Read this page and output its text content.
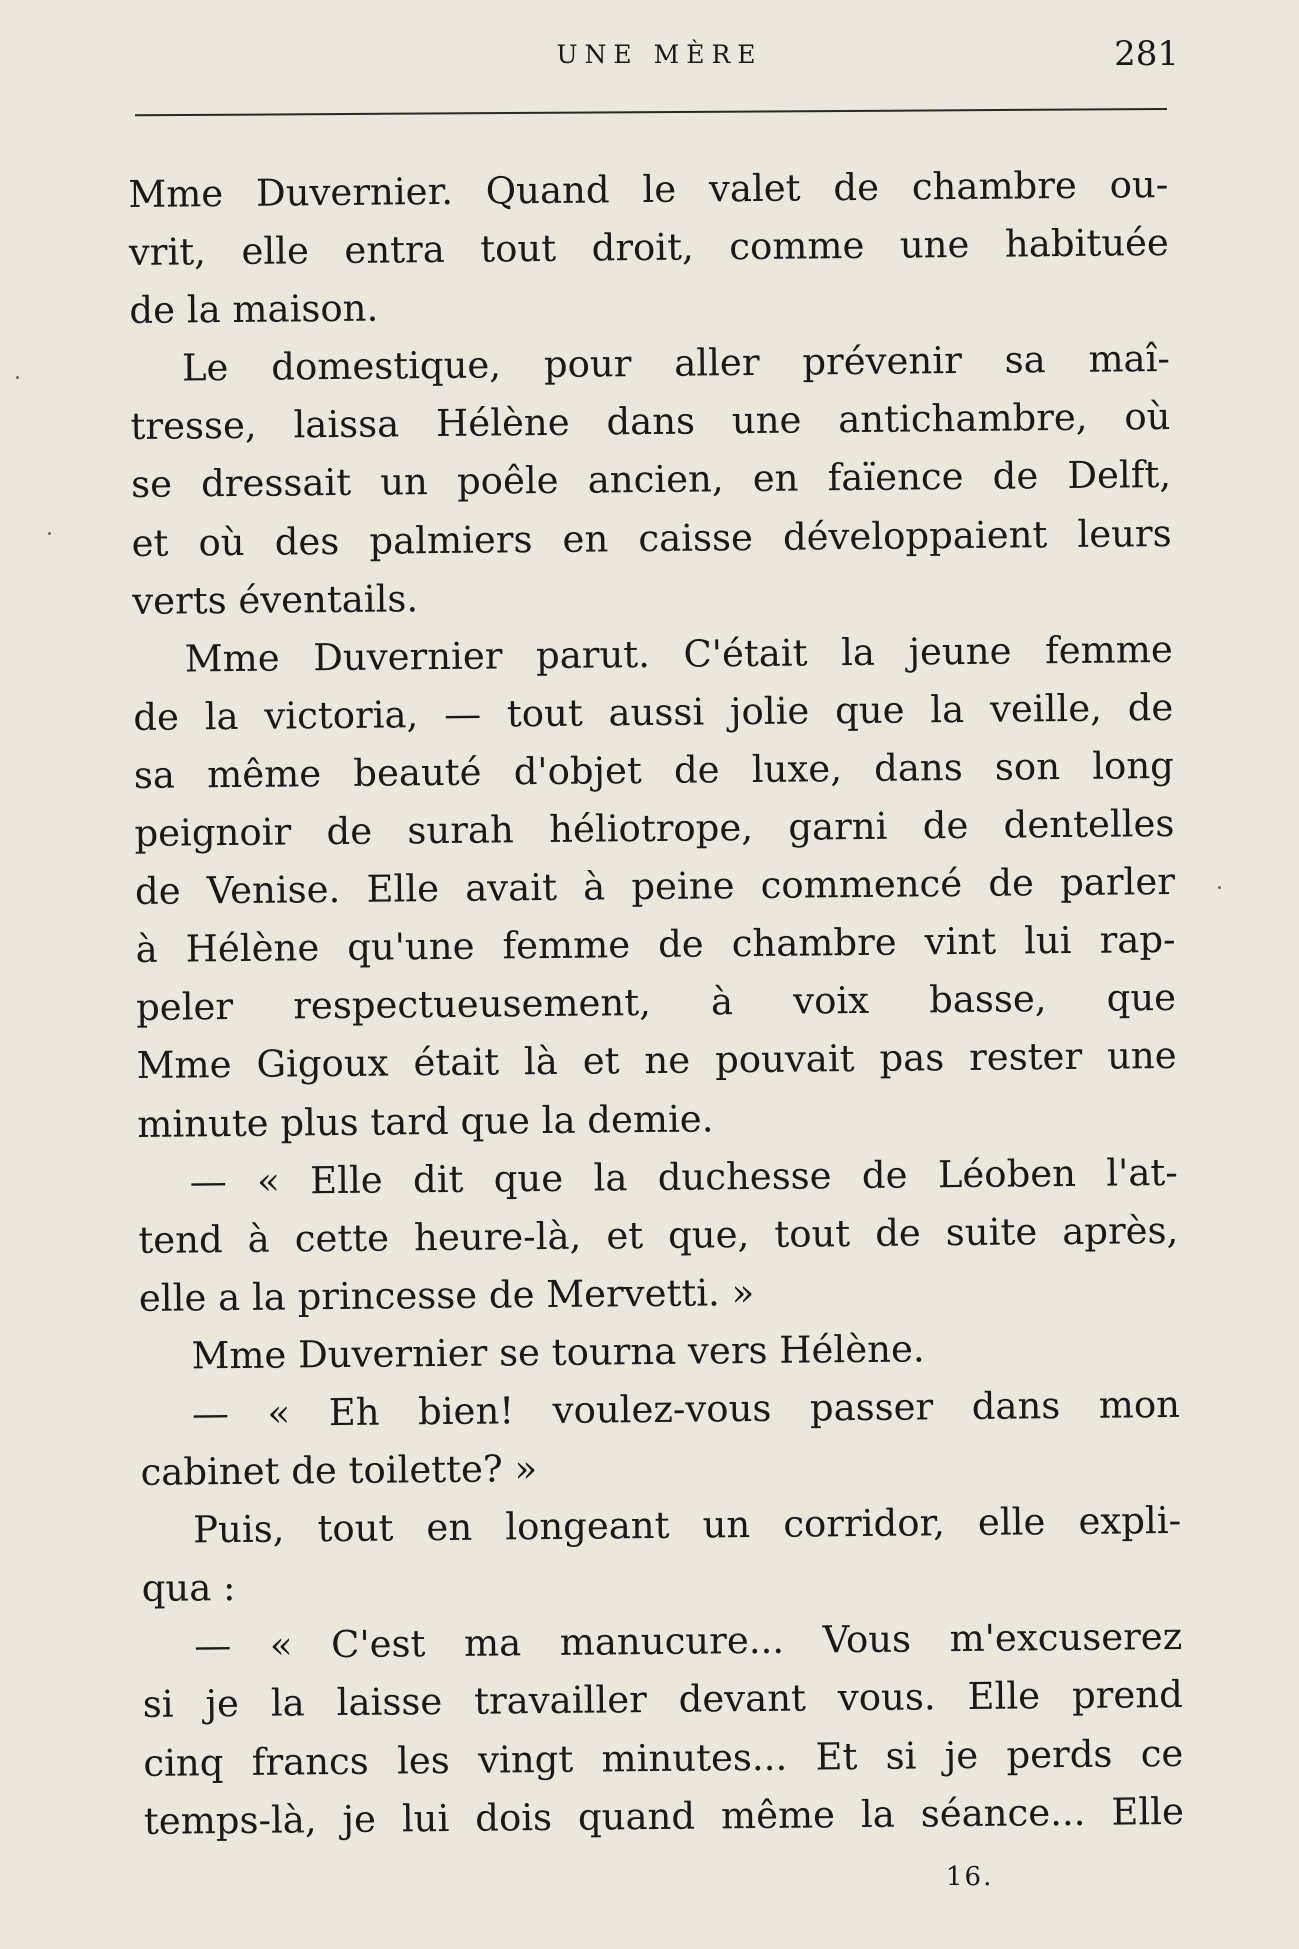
UNE MÈRE	281
Mme Duvernier. Quand le valet de chambre ou-
vrit, elle entra tout droit, comme une habituée
de la maison.
Le domestique, pour aller prévenir sa maî-
tresse, laissa Hélène dans une antichambre, où
se dressait un poêle ancien, en faïence de Delft,
et où des palmiers en caisse développaient leurs
verts éventails.
Mme Duvernier parut. C'était la jeune femme
de la victoria, — tout aussi jolie que la veille, de
sa même beauté d'objet de luxe, dans son long
peignoir de surah héliotrope, garni de dentelles
de Venise. Elle avait à peine commencé de parler
à Hélène qu'une femme de chambre vint lui rap-
peler respectueusement, à voix basse, que
Mme Gigoux était là et ne pouvait pas rester une
minute plus tard que la demie.
— « Elle dit que la duchesse de Léoben l'at-
tend à cette heure-là, et que, tout de suite après,
elle a la princesse de Mervetti. »
Mme Duvernier se tourna vers Hélène.
— « Eh bien! voulez-vous passer dans mon
cabinet de toilette? »
Puis, tout en longeant un corridor, elle expli-
qua :
— « C'est ma manucure... Vous m'excuserez
si je la laisse travailler devant vous. Elle prend
cinq francs les vingt minutes... Et si je perds ce
temps-là, je lui dois quand même la séance... Elle
16.
